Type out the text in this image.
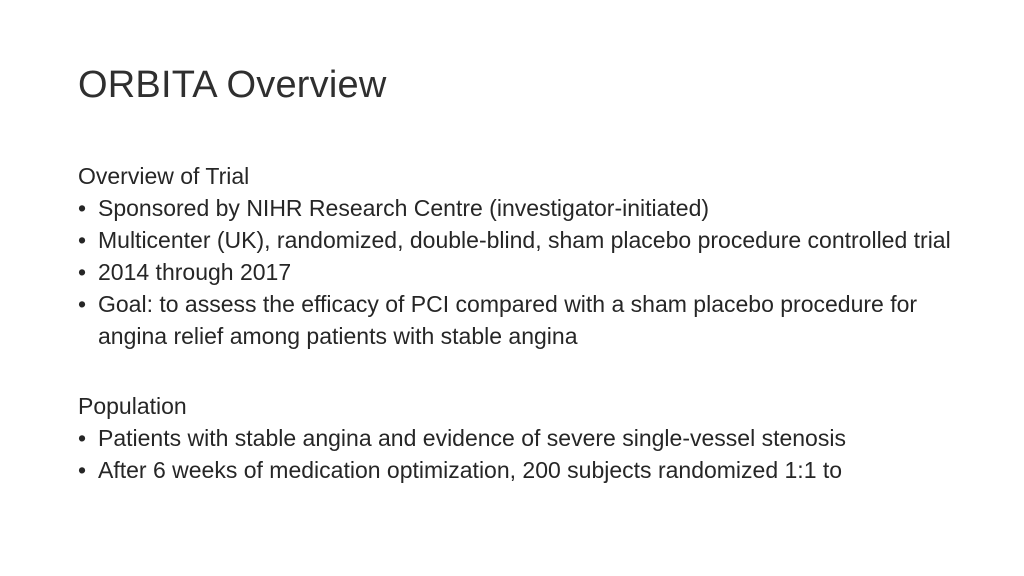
ORBITA Overview

Overview of Trial

• Sponsored by NIHR Research Centre (investigator-initiated)
• Multicenter (UK), randomized, double-blind, sham placebo procedure controlled trial
• 2014 through 2017
• Goal: to assess the efficacy of PCI compared with a sham placebo procedure for angina relief among patients with stable angina

Population

• Patients with stable angina and evidence of severe single-vessel stenosis
• After 6 weeks of medication optimization, 200 subjects randomized 1:1 to
